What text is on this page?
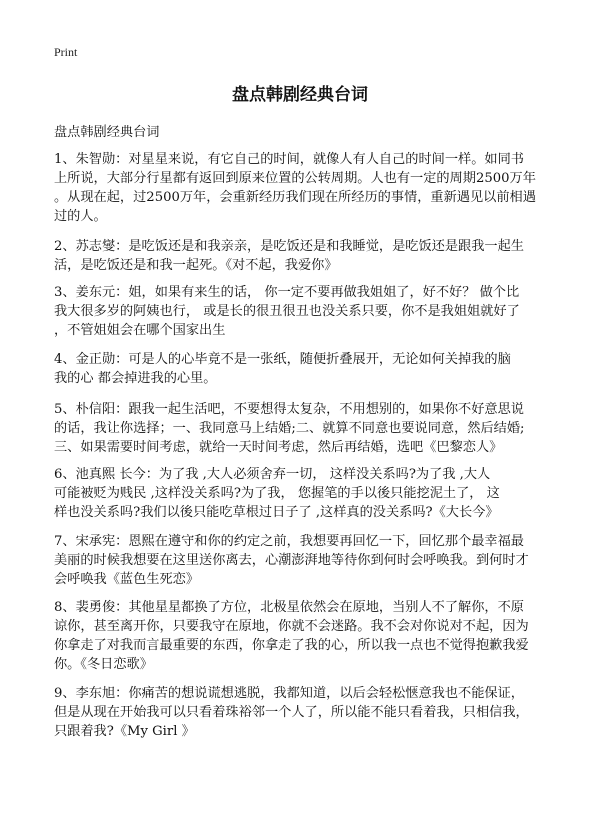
Print
盘点韩剧经典台词

盘点韩剧经典台词

1、朱智勋：对星星来说，有它自己的时间，就像人有人自己的时间一样。如同书
上所说，大部分行星都有返回到原来位置的公转周期。人也有一定的周期2500万年
。从现在起，过2500万年，会重新经历我们现在所经历的事情，重新遇见以前相遇
过的人。
2、苏志燮：是吃饭还是和我亲亲，是吃饭还是和我睡觉，是吃饭还是跟我一起生
活，是吃饭还是和我一起死。《对不起，我爱你》
3、姜东元：姐，如果有来生的话， 你一定不要再做我姐姐了，好不好？ 做个比
我大很多岁的阿姨也行， 或是长的很丑很丑也没关系只要，你不是我姐姐就好了
，不管姐姐会在哪个国家出生
4、金正勋：可是人的心毕竟不是一张纸，随便折叠展开，无论如何关掉我的脑
我的心 都会掉进我的心里。
5、朴信阳：跟我一起生活吧，不要想得太复杂，不用想别的，如果你不好意思说
的话，我让你选择；一、我同意马上结婚;二、就算不同意也要说同意，然后结婚;
三、如果需要时间考虑，就给一天时间考虑，然后再结婚，选吧《巴黎恋人》
6、池真熙 长今：为了我 ,大人必须舍弃一切， 这样没关系吗?为了我 ,大人
可能被贬为贱民 ,这样没关系吗?为了我， 您握笔的手以後只能挖泥土了， 这
样也没关系吗?我们以後只能吃草根过日子了 ,这样真的没关系吗?《大长今》
7、宋承宪：恩熙在遵守和你的约定之前，我想要再回忆一下，回忆那个最幸福最
美丽的时候我想要在这里送你离去，心潮澎湃地等待你到何时会呼唤我。到何时才
会呼唤我《蓝色生死恋》
8、裴勇俊：其他星星都换了方位，北极星依然会在原地，当别人不了解你，不原
谅你，甚至离开你，只要我守在原地，你就不会迷路。我不会对你说对不起，因为
你拿走了对我而言最重要的东西，你拿走了我的心，所以我一点也不觉得抱歉我爱
你。《冬日恋歌》
9、李东旭：你痛苦的想说谎想逃脱，我都知道，以后会轻松惬意我也不能保证，
但是从现在开始我可以只看着珠裕邻一个人了，所以能不能只看着我，只相信我，
只跟着我?《My Girl 》
